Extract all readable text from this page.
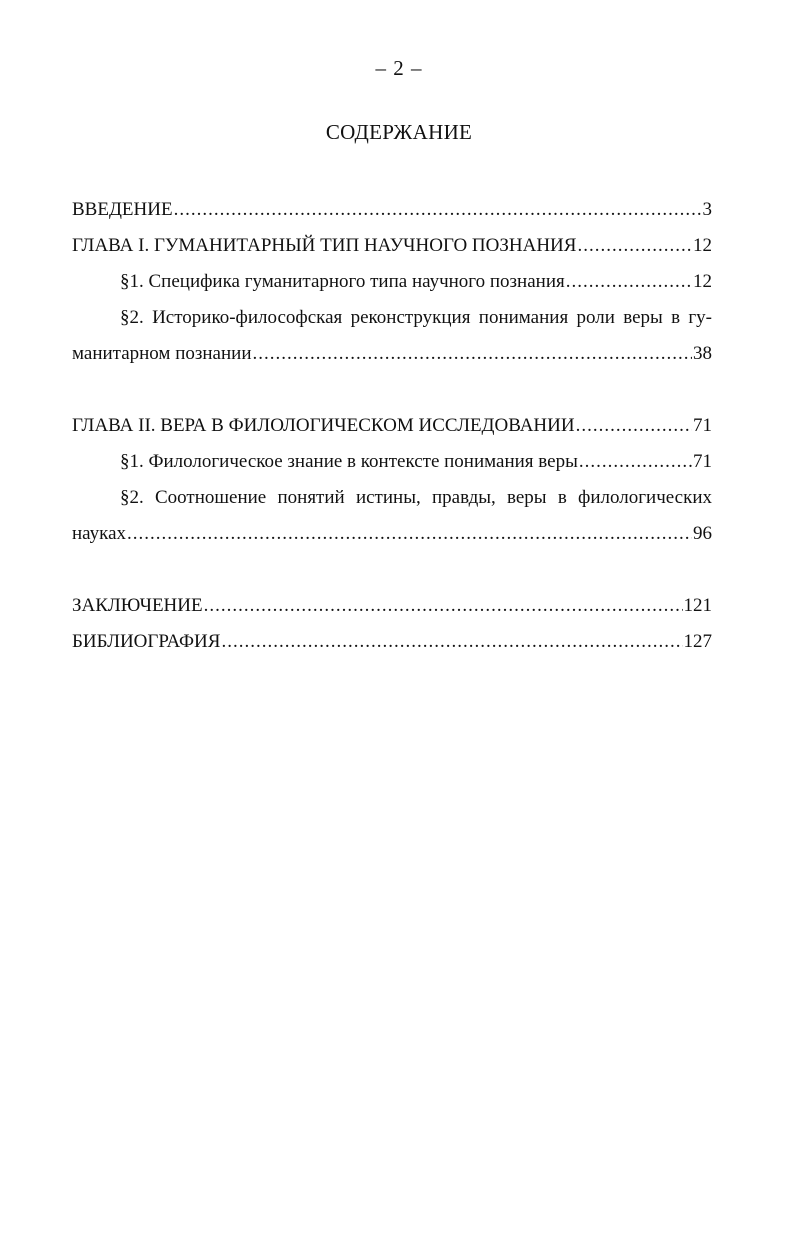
– 2 –
СОДЕРЖАНИЕ
ВВЕДЕНИЕ .....	3
ГЛАВА I. ГУМАНИТАРНЫЙ ТИП НАУЧНОГО ПОЗНАНИЯ .....	12
§1. Специфика гуманитарного типа научного познания .....	12
§2. Историко-философская реконструкция понимания роли веры в гу-
манитарном познании .....	38
ГЛАВА II. ВЕРА В ФИЛОЛОГИЧЕСКОМ ИССЛЕДОВАНИИ .....	71
§1. Филологическое знание в контексте понимания веры .....	71
§2. Соотношение понятий истины, правды, веры в филологических
науках .....	96
ЗАКЛЮЧЕНИЕ .....	121
БИБЛИОГРАФИЯ .....	127
